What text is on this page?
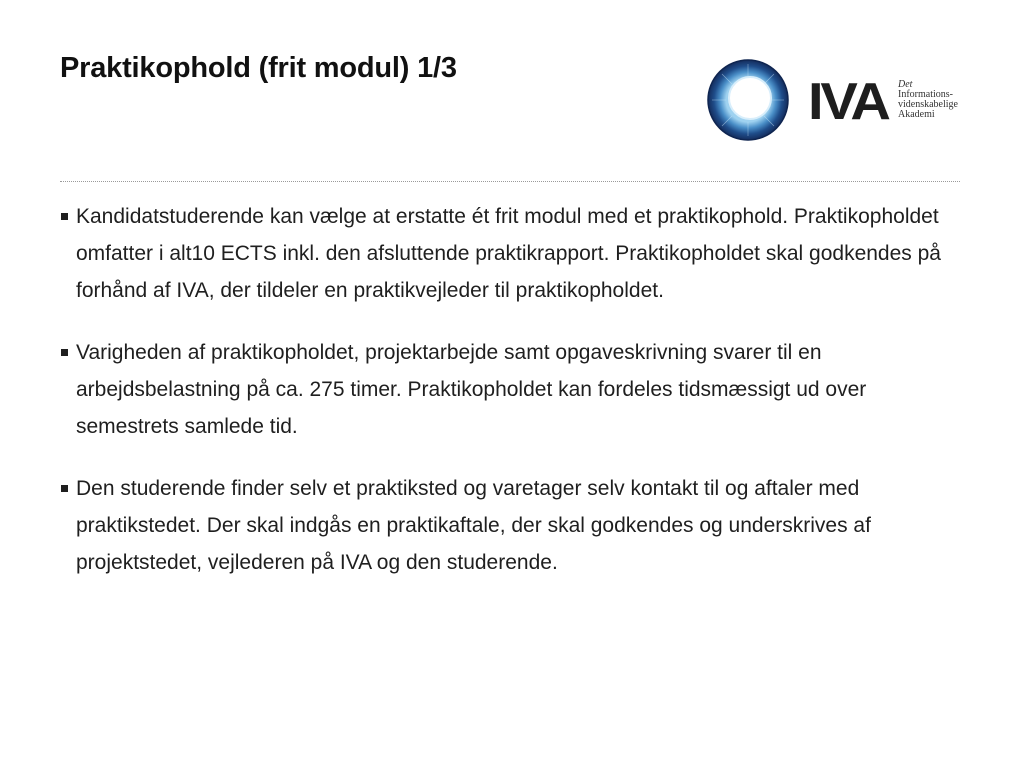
Praktikophold (frit modul) 1/3
IVA Det
Informations-
videnskabelige
Akademi
Kandidatstuderende kan vælge at erstatte ét frit modul med et praktikophold. Praktikopholdet omfatter i alt10 ECTS inkl. den afsluttende praktikrapport. Praktikopholdet skal godkendes på forhånd af IVA, der tildeler en praktikvejleder til praktikopholdet.
Varigheden af praktikopholdet, projektarbejde samt opgaveskrivning svarer til en arbejdsbelastning på ca. 275 timer. Praktikopholdet kan fordeles tidsmæssigt ud over semestrets samlede tid.
Den studerende finder selv et praktiksted og varetager selv kontakt til og aftaler med praktikstedet. Der skal indgås en praktikaftale, der skal godkendes og underskrives af projektstedet, vejlederen på IVA og den studerende.
